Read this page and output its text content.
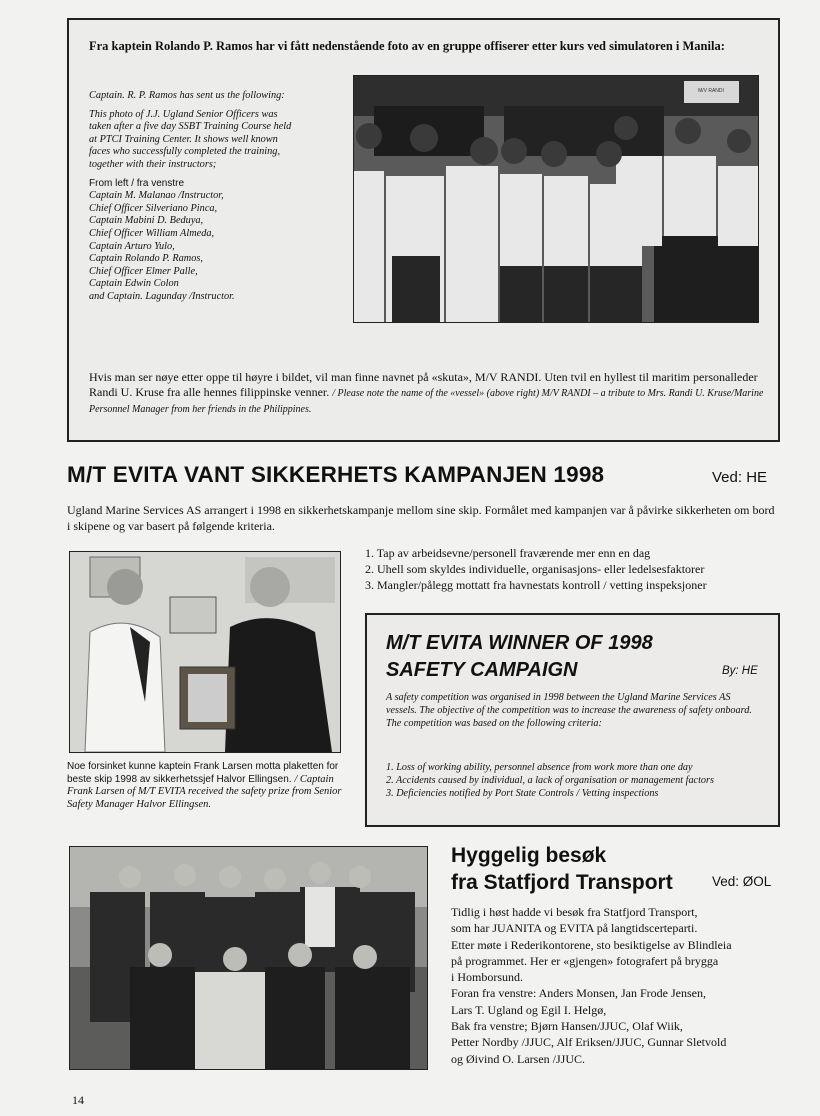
Fra kaptein Rolando P. Ramos har vi fått nedenstående foto av en gruppe offiserer etter kurs ved simulatoren i Manila:

Captain. R. P. Ramos has sent us the following:

This photo of J.J. Ugland Senior Officers was taken after a five day SSBT Training Course held at PTCI Training Center. It shows well known faces who successfully completed the training, together with their instructors;

From left / fra venstre
Captain M. Malanao /Instructor,
Chief Officer Silveriano Pinca,
Captain Mabini D. Beduya,
Chief Officer William Almeda,
Captain Arturo Yulo,
Captain Rolando P. Ramos,
Chief Officer Elmer Palle,
Captain Edwin Colon
and Captain. Lagunday /Instructor.
M/V RANDI
Hvis man ser nøye etter oppe til høyre i bildet, vil man finne navnet på «skuta», M/V RANDI. Uten tvil en hyllest til maritim personalleder Randi U. Kruse fra alle hennes filippinske venner. / Please note the name of the «vessel» (above right) M/V RANDI – a tribute to Mrs. Randi U. Kruse/Marine Personnel Manager from her friends in the Philippines.
M/T EVITA VANT SIKKERHETS KAMPANJEN 1998	Ved: HE
Ugland Marine Services AS arrangert i 1998 en sikkerhetskampanje mellom sine skip. Formålet med kampanjen var å påvirke sikkerheten om bord i skipene og var basert på følgende kriteria.
Noe forsinket kunne kaptein Frank Larsen motta plaketten for beste skip 1998 av sikkerhetssjef Halvor Ellingsen. / Captain Frank Larsen of M/T EVITA received the safety prize from Senior Safety Manager Halvor Ellingsen.
1. Tap av arbeidsevne/personell fraværende mer enn en dag
2. Uhell som skyldes individuelle, organisasjons- eller ledelsesfaktorer
3. Mangler/pålegg mottatt fra havnestats kontroll / vetting inspeksjoner
M/T EVITA WINNER OF 1998
SAFETY CAMPAIGN	By: HE
A safety competition was organised in 1998 between the Ugland Marine Services AS vessels. The objective of the competition was to increase the awareness of safety onboard. The competition was based on the following criteria:
1. Loss of working ability, personnel absence from work more than one day
2. Accidents caused by individual, a lack of organisation or management factors
3. Deficiencies notified by Port State Controls / Vetting inspections
Hyggelig besøk
fra Statfjord Transport	Ved: ØOL
Tidlig i høst hadde vi besøk fra Statfjord Transport,
som har JUANITA og EVITA på langtidscerteparti.
Etter møte i Rederikontorene, sto besiktigelse av Blindleia
på programmet. Her er «gjengen» fotografert på brygga
i Homborsund.
Foran fra venstre: Anders Monsen, Jan Frode Jensen,
Lars T. Ugland og Egil I. Helgø,
Bak fra venstre; Bjørn Hansen/JJUC, Olaf Wiik,
Petter Nordby /JJUC, Alf Eriksen/JJUC, Gunnar Sletvold
og Øivind O. Larsen /JJUC.
14
